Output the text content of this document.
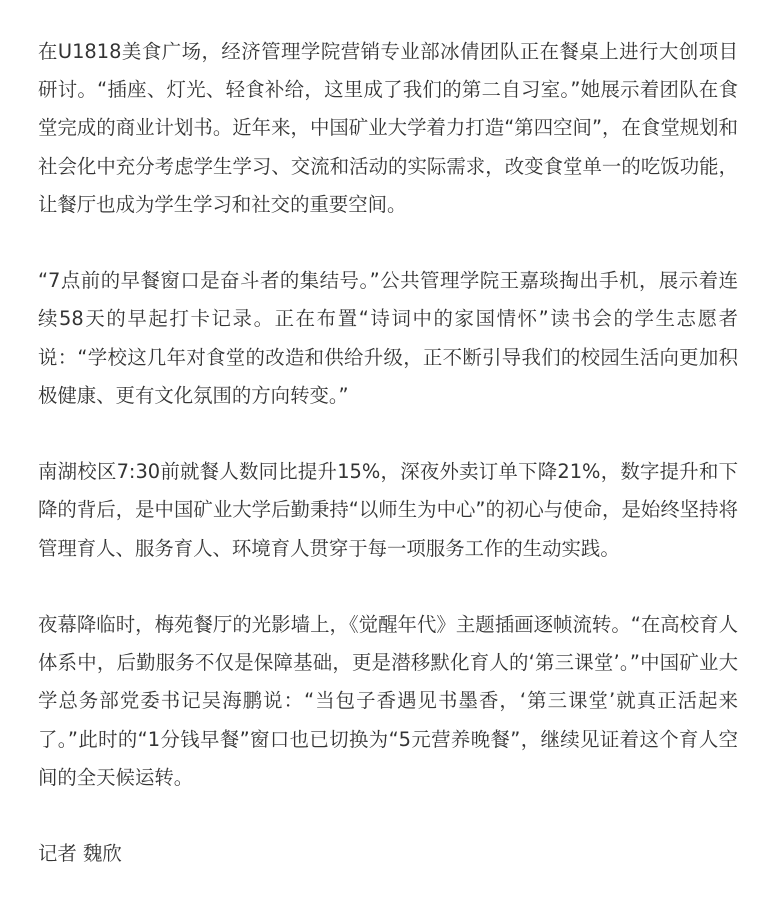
在U1818美食广场，经济管理学院营销专业部冰倩团队正在餐桌上进行大创项目研讨。“插座、灯光、轻食补给，这里成了我们的第二自习室。”她展示着团队在食堂完成的商业计划书。近年来，中国矿业大学着力打造“第四空间”，在食堂规划和社会化中充分考虑学生学习、交流和活动的实际需求，改变食堂单一的吃饭功能，让餐厅也成为学生学习和社交的重要空间。

“7点前的早餐窗口是奋斗者的集结号。”公共管理学院王嘉琰掏出手机，展示着连续58天的早起打卡记录。正在布置“诗词中的家国情怀”读书会的学生志愿者说：“学校这几年对食堂的改造和供给升级，正不断引导我们的校园生活向更加积极健康、更有文化氛围的方向转变。”

南湖校区7:30前就餐人数同比提升15%，深夜外卖订单下降21%，数字提升和下降的背后，是中国矿业大学后勤秉持“以师生为中心”的初心与使命，是始终坚持将管理育人、服务育人、环境育人贯穿于每一项服务工作的生动实践。

夜幕降临时，梅苑餐厅的光影墙上，《觉醒年代》主题插画逐帧流转。“在高校育人体系中，后勤服务不仅是保障基础，更是潜移默化育人的‘第三课堂’。”中国矿业大学总务部党委书记吴海鹏说：“当包子香遇见书墨香，‘第三课堂’就真正活起来了。”此时的“1分钱早餐”窗口也已切换为“5元营养晚餐”，继续见证着这个育人空间的全天候运转。

记者 魏欣
